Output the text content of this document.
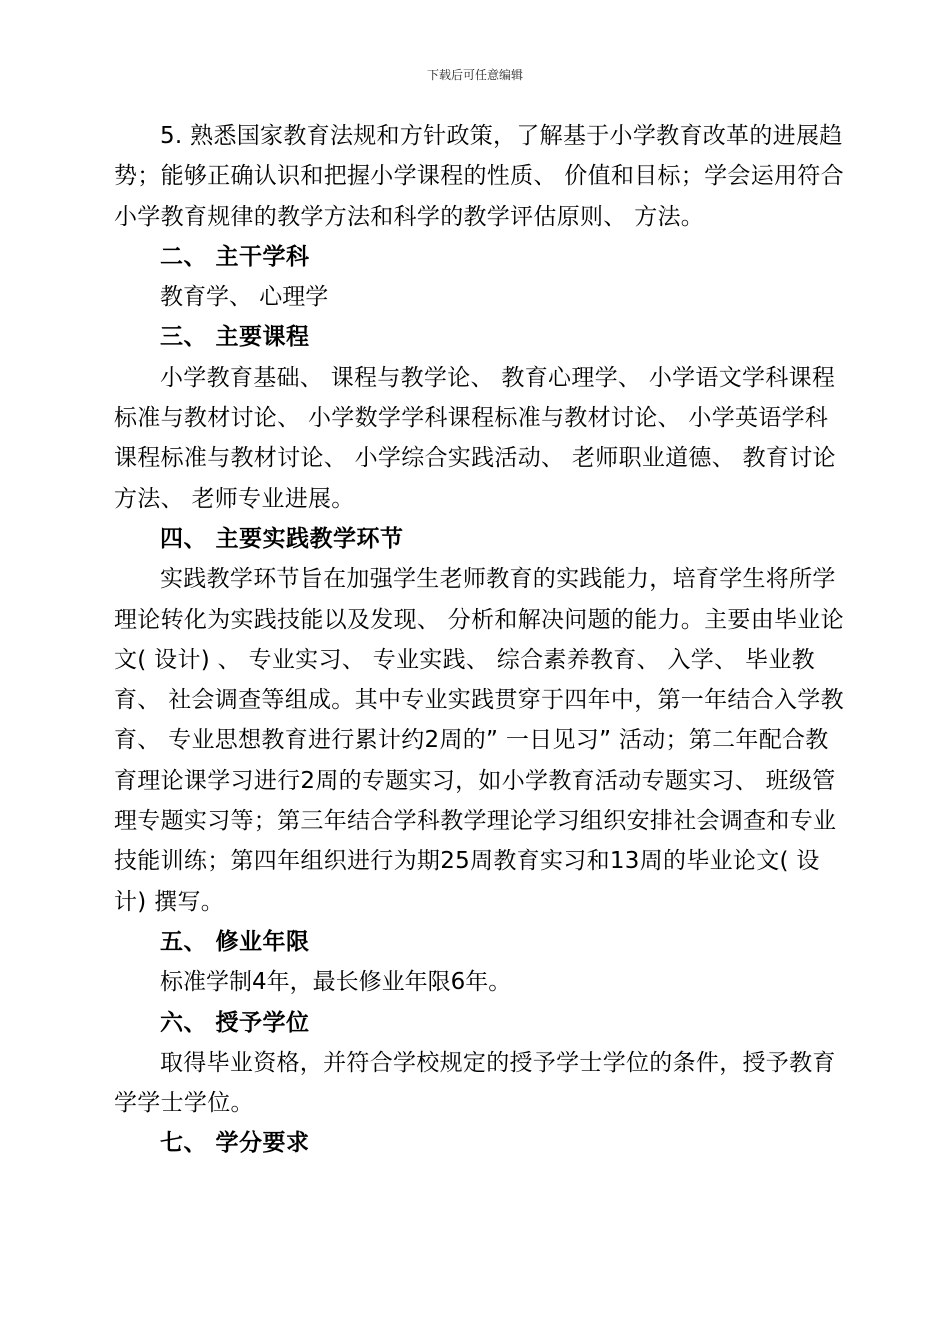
下载后可任意编辑

5. 熟悉国家教育法规和方针政策，了解基于小学教育改革的进展趋势；能够正确认识和把握小学课程的性质、 价值和目标；学会运用符合小学教育规律的教学方法和科学的教学评估原则、 方法。

二、 主干学科

教育学、 心理学

三、 主要课程

小学教育基础、 课程与教学论、 教育心理学、 小学语文学科课程标准与教材讨论、 小学数学学科课程标准与教材讨论、 小学英语学科课程标准与教材讨论、 小学综合实践活动、 老师职业道德、 教育讨论方法、 老师专业进展。

四、 主要实践教学环节

实践教学环节旨在加强学生老师教育的实践能力，培育学生将所学理论转化为实践技能以及发现、 分析和解决问题的能力。主要由毕业论文( 设计) 、 专业实习、 专业实践、 综合素养教育、 入学、 毕业教育、 社会调查等组成。其中专业实践贯穿于四年中，第一年结合入学教育、 专业思想教育进行累计约2周的” 一日见习” 活动；第二年配合教育理论课学习进行2周的专题实习，如小学教育活动专题实习、 班级管理专题实习等；第三年结合学科教学理论学习组织安排社会调查和专业技能训练；第四年组织进行为期25周教育实习和13周的毕业论文( 设计) 撰写。

五、 修业年限

标准学制4年，最长修业年限6年。

六、 授予学位

取得毕业资格，并符合学校规定的授予学士学位的条件，授予教育学学士学位。

七、 学分要求
